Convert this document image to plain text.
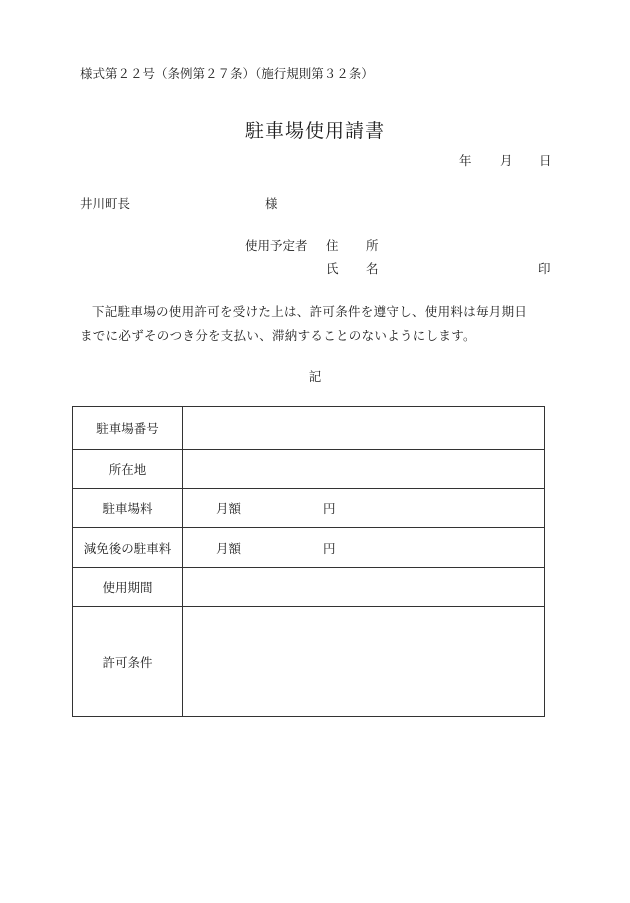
様式第２２号（条例第２７条）（施行規則第３２条）
駐車場使用請書
年 月 日
井川町長	様
使用予定者 住 所
氏 名	印
下記駐車場の使用許可を受けた上は、許可条件を遵守し、使用料は毎月期日
までに必ずそのつき分を支払い、滞納することのないようにします。
記
駐車場番号	
所在地	
駐車場料	月額 円
減免後の駐車料	月額 円
使用期間	
許可条件	
